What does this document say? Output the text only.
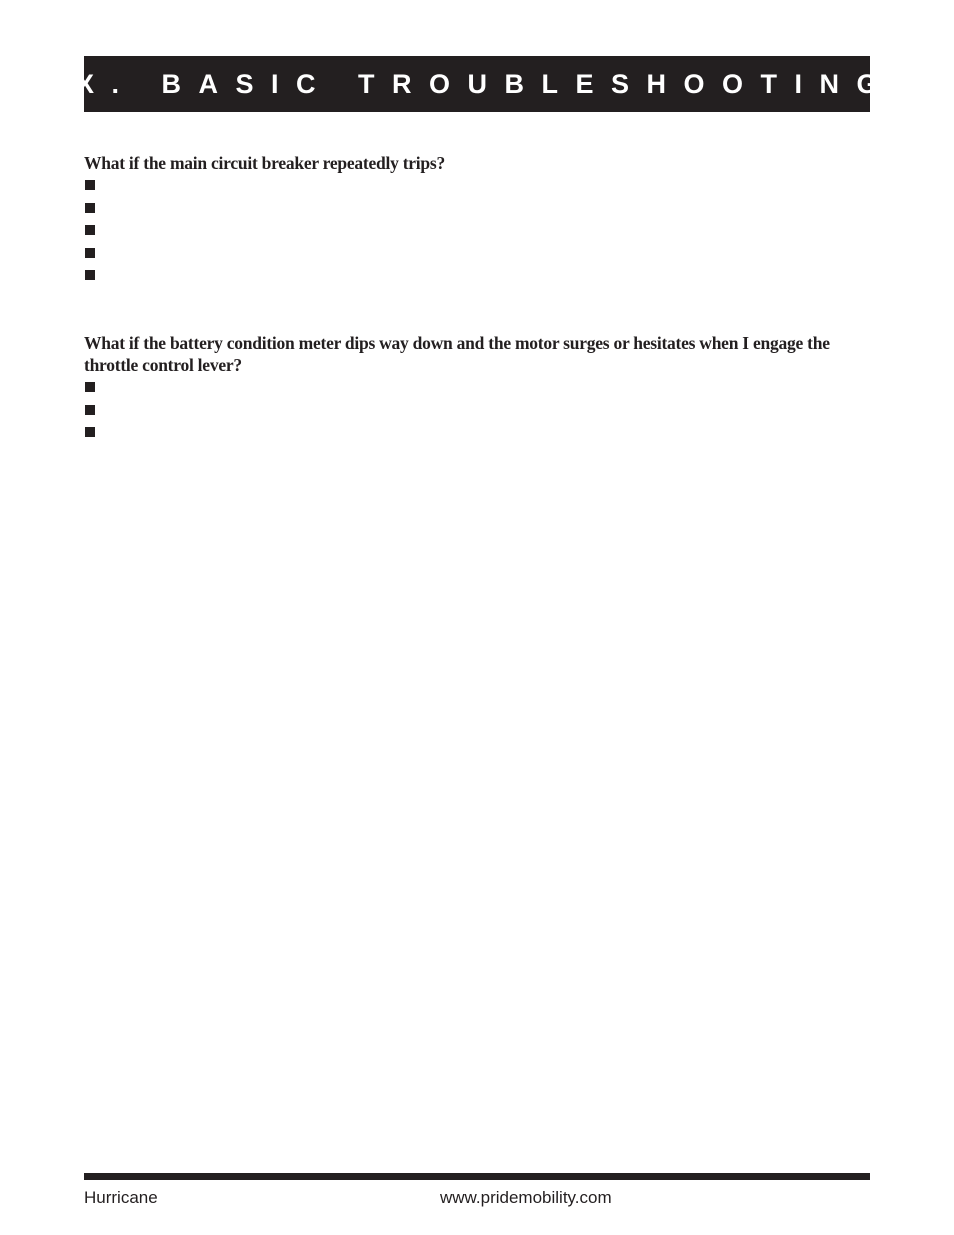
X. BASIC TROUBLESHOOTING

What if the main circuit breaker repeatedly trips?

What if the battery condition meter dips way down and the motor surges or hesitates when I engage the throttle control lever?

Hurricane	www.pridemobility.com
